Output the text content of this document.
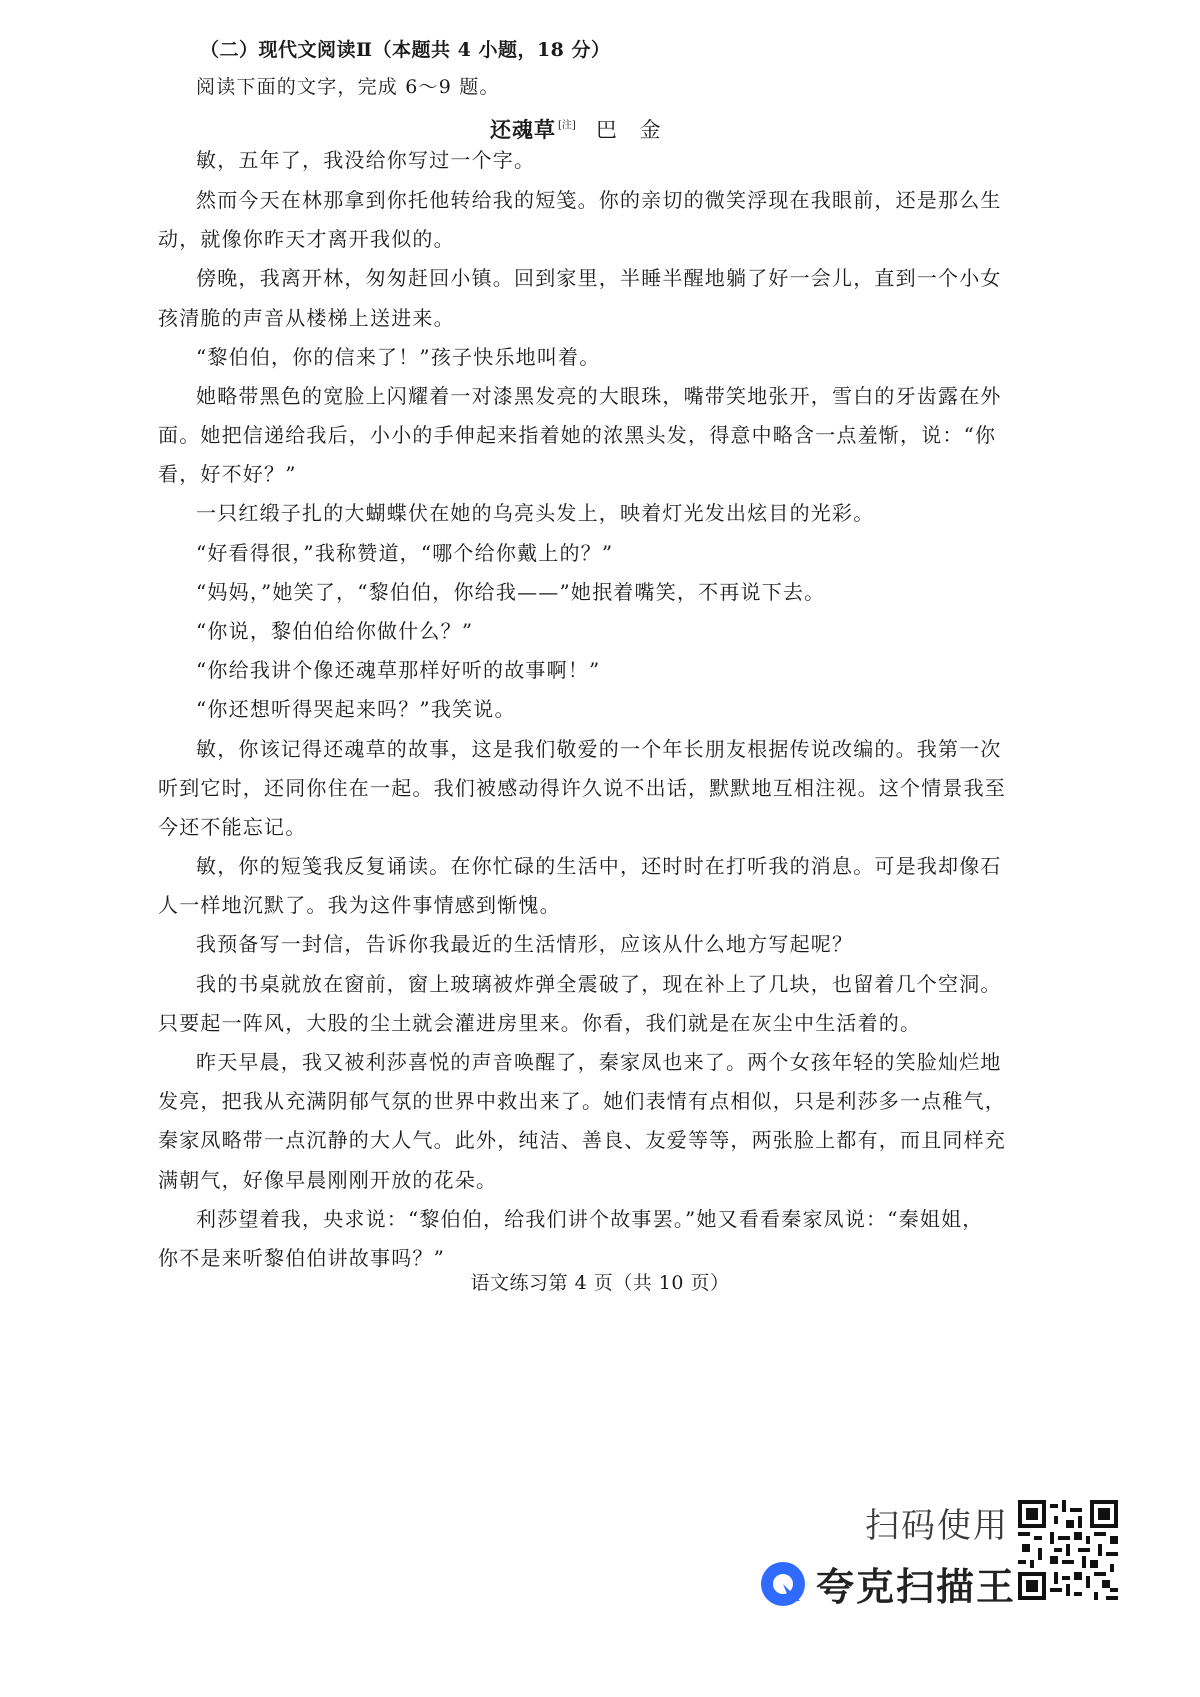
（二）现代文阅读Ⅱ（本题共 4 小题，18 分）
阅读下面的文字，完成 6～9 题。
还魂草 [注] 巴 金
敏，五年了，我没给你写过一个字。
然而今天在林那拿到你托他转给我的短笺。你的亲切的微笑浮现在我眼前，还是那么生
动，就像你昨天才离开我似的。
傍晚，我离开林，匆匆赶回小镇。回到家里，半睡半醒地躺了好一会儿，直到一个小女
孩清脆的声音从楼梯上送进来。
“黎伯伯，你的信来了！”孩子快乐地叫着。
她略带黑色的宽脸上闪耀着一对漆黑发亮的大眼珠，嘴带笑地张开，雪白的牙齿露在外
面。她把信递给我后，小小的手伸起来指着她的浓黑头发，得意中略含一点羞惭，说：“你
看，好不好？”
一只红缎子扎的大蝴蝶伏在她的乌亮头发上，映着灯光发出炫目的光彩。
“好看得很，”我称赞道，“哪个给你戴上的？”
“妈妈，”她笑了，“黎伯伯，你给我——”她抿着嘴笑，不再说下去。
“你说，黎伯伯给你做什么？”
“你给我讲个像还魂草那样好听的故事啊！”
“你还想听得哭起来吗？”我笑说。
敏，你该记得还魂草的故事，这是我们敬爱的一个年长朋友根据传说改编的。我第一次
听到它时，还同你住在一起。我们被感动得许久说不出话，默默地互相注视。这个情景我至
今还不能忘记。
敏，你的短笺我反复诵读。在你忙碌的生活中，还时时在打听我的消息。可是我却像石
人一样地沉默了。我为这件事情感到惭愧。
我预备写一封信，告诉你我最近的生活情形，应该从什么地方写起呢？
我的书桌就放在窗前，窗上玻璃被炸弹全震破了，现在补上了几块，也留着几个空洞。
只要起一阵风，大股的尘土就会灌进房里来。你看，我们就是在灰尘中生活着的。
昨天早晨，我又被利莎喜悦的声音唤醒了，秦家凤也来了。两个女孩年轻的笑脸灿烂地
发亮，把我从充满阴郁气氛的世界中救出来了。她们表情有点相似，只是利莎多一点稚气，
秦家凤略带一点沉静的大人气。此外，纯洁、善良、友爱等等，两张脸上都有，而且同样充
满朝气，好像早晨刚刚开放的花朵。
利莎望着我，央求说：“黎伯伯，给我们讲个故事罢。”她又看看秦家凤说：“秦姐姐，
你不是来听黎伯伯讲故事吗？”
语文练习第 4 页（共 10 页）
扫码使用
夸克扫描王
